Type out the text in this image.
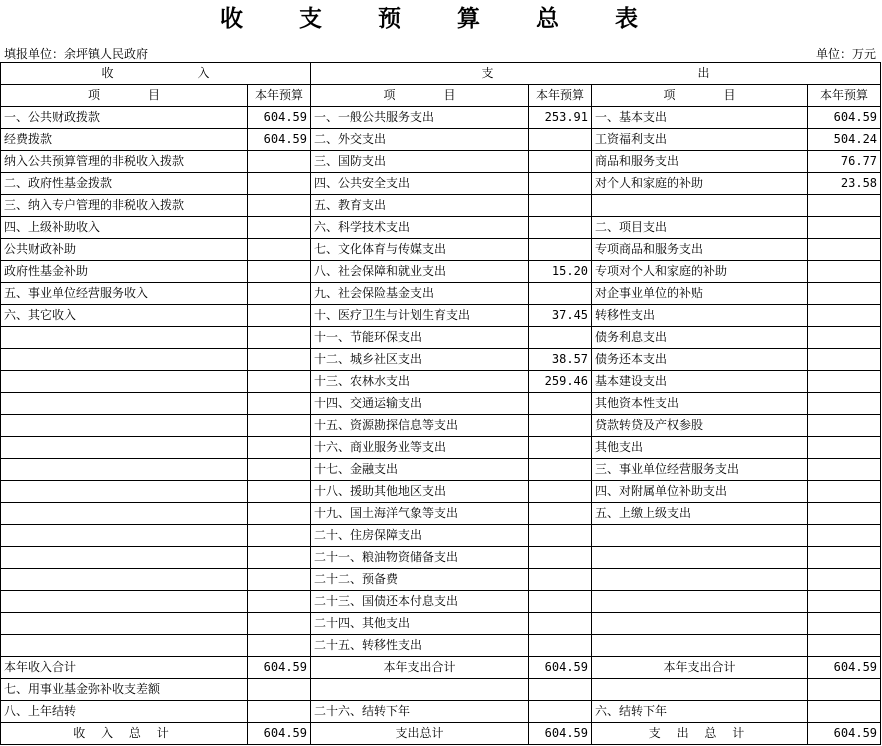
收 支 预 算 总 表
填报单位：余坪镇人民政府	单位：万元
收　　　　　　　入		支　　　　　　　　　　　　　　　　　出			
项　　　　目	本年预算	项　　　　目	本年预算	项　　　　目	本年预算
一、公共财政拨款	604.59	一、一般公共服务支出	253.91	一、基本支出	604.59
经费拨款	604.59	二、外交支出		工资福利支出	504.24
纳入公共预算管理的非税收入拨款		三、国防支出		商品和服务支出	76.77
二、政府性基金拨款		四、公共安全支出		对个人和家庭的补助	23.58
三、纳入专户管理的非税收入拨款		五、教育支出			
四、上级补助收入		六、科学技术支出		二、项目支出	
公共财政补助		七、文化体育与传媒支出		专项商品和服务支出	
政府性基金补助		八、社会保障和就业支出	15.20	专项对个人和家庭的补助	
五、事业单位经营服务收入		九、社会保险基金支出		对企事业单位的补贴	
六、其它收入		十、医疗卫生与计划生育支出	37.45	转移性支出	
		十一、节能环保支出		债务利息支出	
		十二、城乡社区支出	38.57	债务还本支出	
		十三、农林水支出	259.46	基本建设支出	
		十四、交通运输支出		其他资本性支出	
		十五、资源勘探信息等支出		贷款转贷及产权参股	
		十六、商业服务业等支出		其他支出	
		十七、金融支出		三、事业单位经营服务支出	
		十八、援助其他地区支出		四、对附属单位补助支出	
		十九、国土海洋气象等支出		五、上缴上级支出	
		二十、住房保障支出			
		二十一、粮油物资储备支出			
		二十二、预备费			
		二十三、国债还本付息支出			
		二十四、其他支出			
		二十五、转移性支出			
本年收入合计	604.59	本年支出合计	604.59	本年支出合计	604.59
七、用事业基金弥补收支差额					
八、上年结转		二十六、结转下年		六、结转下年	
收 入 总 计	604.59	支出总计	604.59	支 出 总 计	604.59
